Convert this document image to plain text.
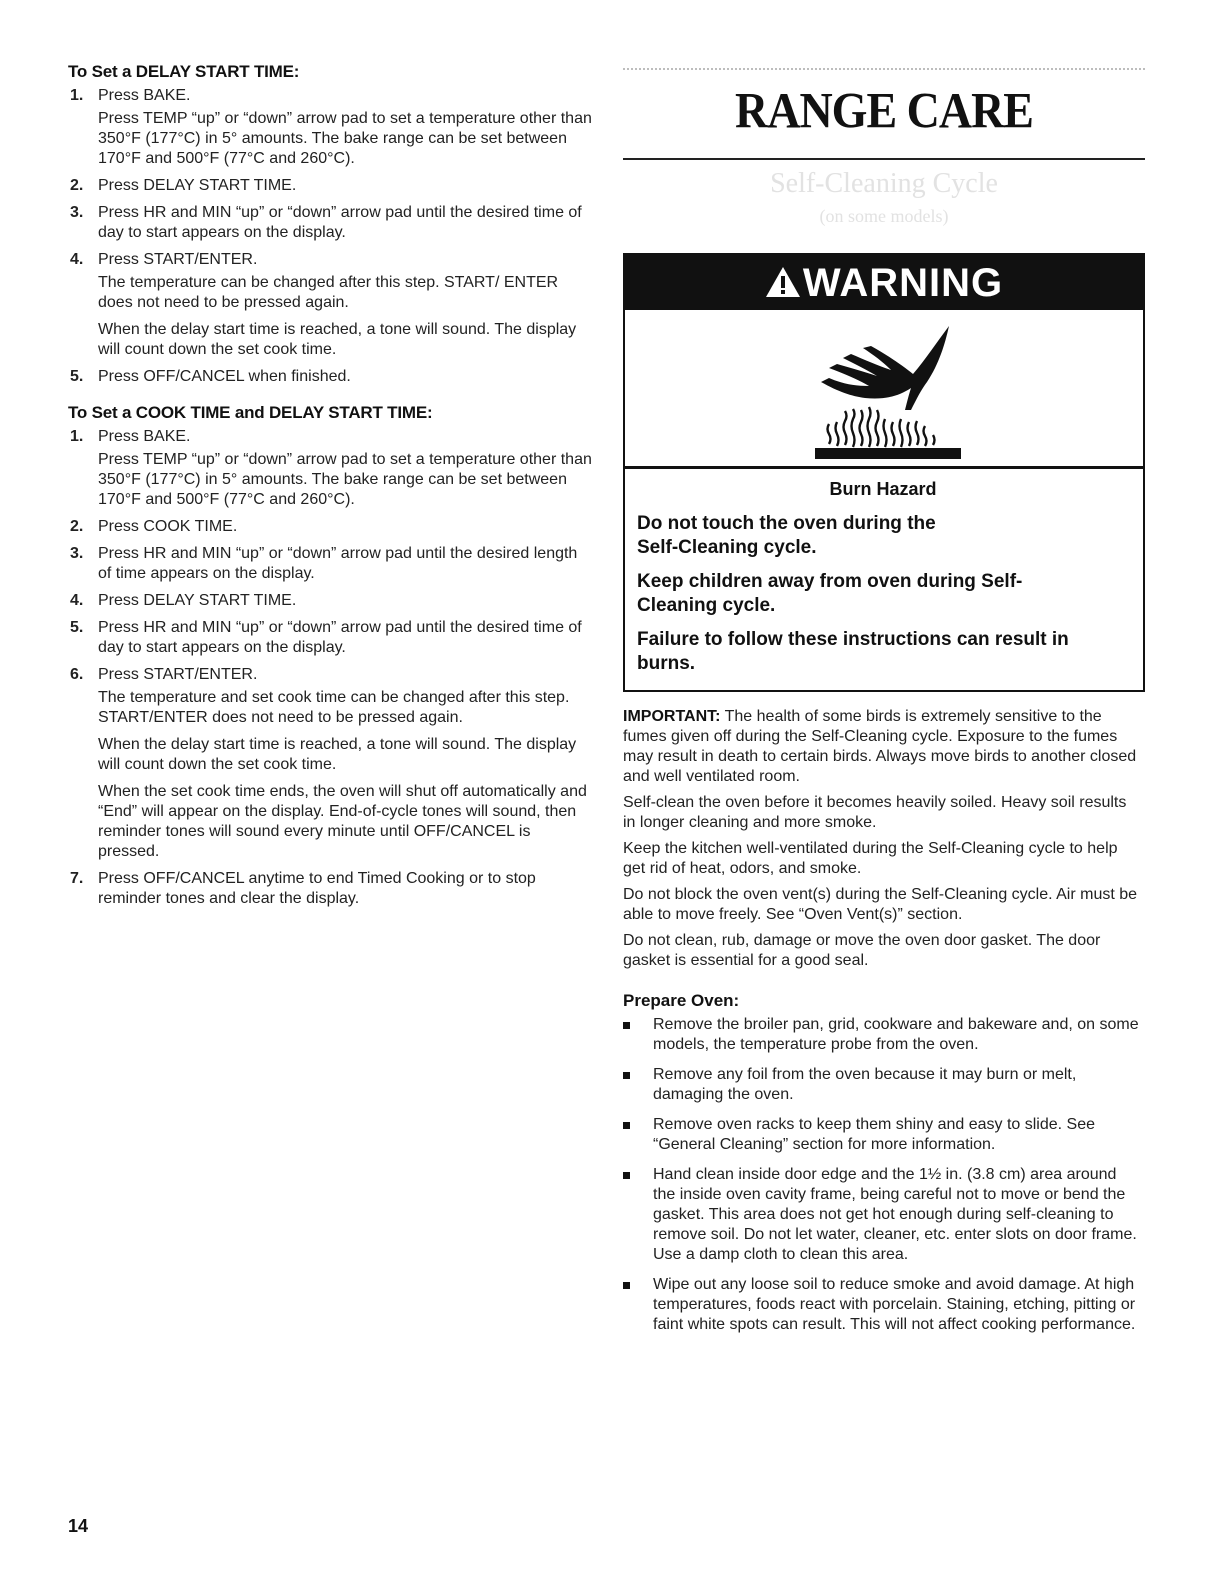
To Set a DELAY START TIME:
1. Press BAKE.

Press TEMP “up” or “down” arrow pad to set a temperature other than 350°F (177°C) in 5° amounts. The bake range can be set between 170°F and 500°F (77°C and 260°C).

2. Press DELAY START TIME.

3. Press HR and MIN “up” or “down” arrow pad until the desired time of day to start appears on the display.

4. Press START/ENTER.

The temperature can be changed after this step. START/ ENTER does not need to be pressed again.

When the delay start time is reached, a tone will sound. The display will count down the set cook time.

5. Press OFF/CANCEL when finished.

To Set a COOK TIME and DELAY START TIME:
1. Press BAKE.

Press TEMP “up” or “down” arrow pad to set a temperature other than 350°F (177°C) in 5° amounts. The bake range can be set between 170°F and 500°F (77°C and 260°C).

2. Press COOK TIME.

3. Press HR and MIN “up” or “down” arrow pad until the desired length of time appears on the display.

4. Press DELAY START TIME.

5. Press HR and MIN “up” or “down” arrow pad until the desired time of day to start appears on the display.

6. Press START/ENTER.

The temperature and set cook time can be changed after this step. START/ENTER does not need to be pressed again.

When the delay start time is reached, a tone will sound. The display will count down the set cook time.

When the set cook time ends, the oven will shut off automatically and “End” will appear on the display. End-of-cycle tones will sound, then reminder tones will sound every minute until OFF/CANCEL is pressed.

7. Press OFF/CANCEL anytime to end Timed Cooking or to stop reminder tones and clear the display.

RANGE CARE
Self-Cleaning Cycle
(on some models)
WARNING

Burn Hazard

Do not touch the oven during the Self-Cleaning cycle.

Keep children away from oven during Self-Cleaning cycle.

Failure to follow these instructions can result in burns.

IMPORTANT: The health of some birds is extremely sensitive to the fumes given off during the Self-Cleaning cycle. Exposure to the fumes may result in death to certain birds. Always move birds to another closed and well ventilated room.

Self-clean the oven before it becomes heavily soiled. Heavy soil results in longer cleaning and more smoke.

Keep the kitchen well-ventilated during the Self-Cleaning cycle to help get rid of heat, odors, and smoke.

Do not block the oven vent(s) during the Self-Cleaning cycle. Air must be able to move freely. See “Oven Vent(s)” section.

Do not clean, rub, damage or move the oven door gasket. The door gasket is essential for a good seal.

Prepare Oven:
Remove the broiler pan, grid, cookware and bakeware and, on some models, the temperature probe from the oven.
Remove any foil from the oven because it may burn or melt, damaging the oven.
Remove oven racks to keep them shiny and easy to slide. See “General Cleaning” section for more information.
Hand clean inside door edge and the 1½ in. (3.8 cm) area around the inside oven cavity frame, being careful not to move or bend the gasket. This area does not get hot enough during self-cleaning to remove soil. Do not let water, cleaner, etc. enter slots on door frame. Use a damp cloth to clean this area.
Wipe out any loose soil to reduce smoke and avoid damage. At high temperatures, foods react with porcelain. Staining, etching, pitting or faint white spots can result. This will not affect cooking performance.
14
